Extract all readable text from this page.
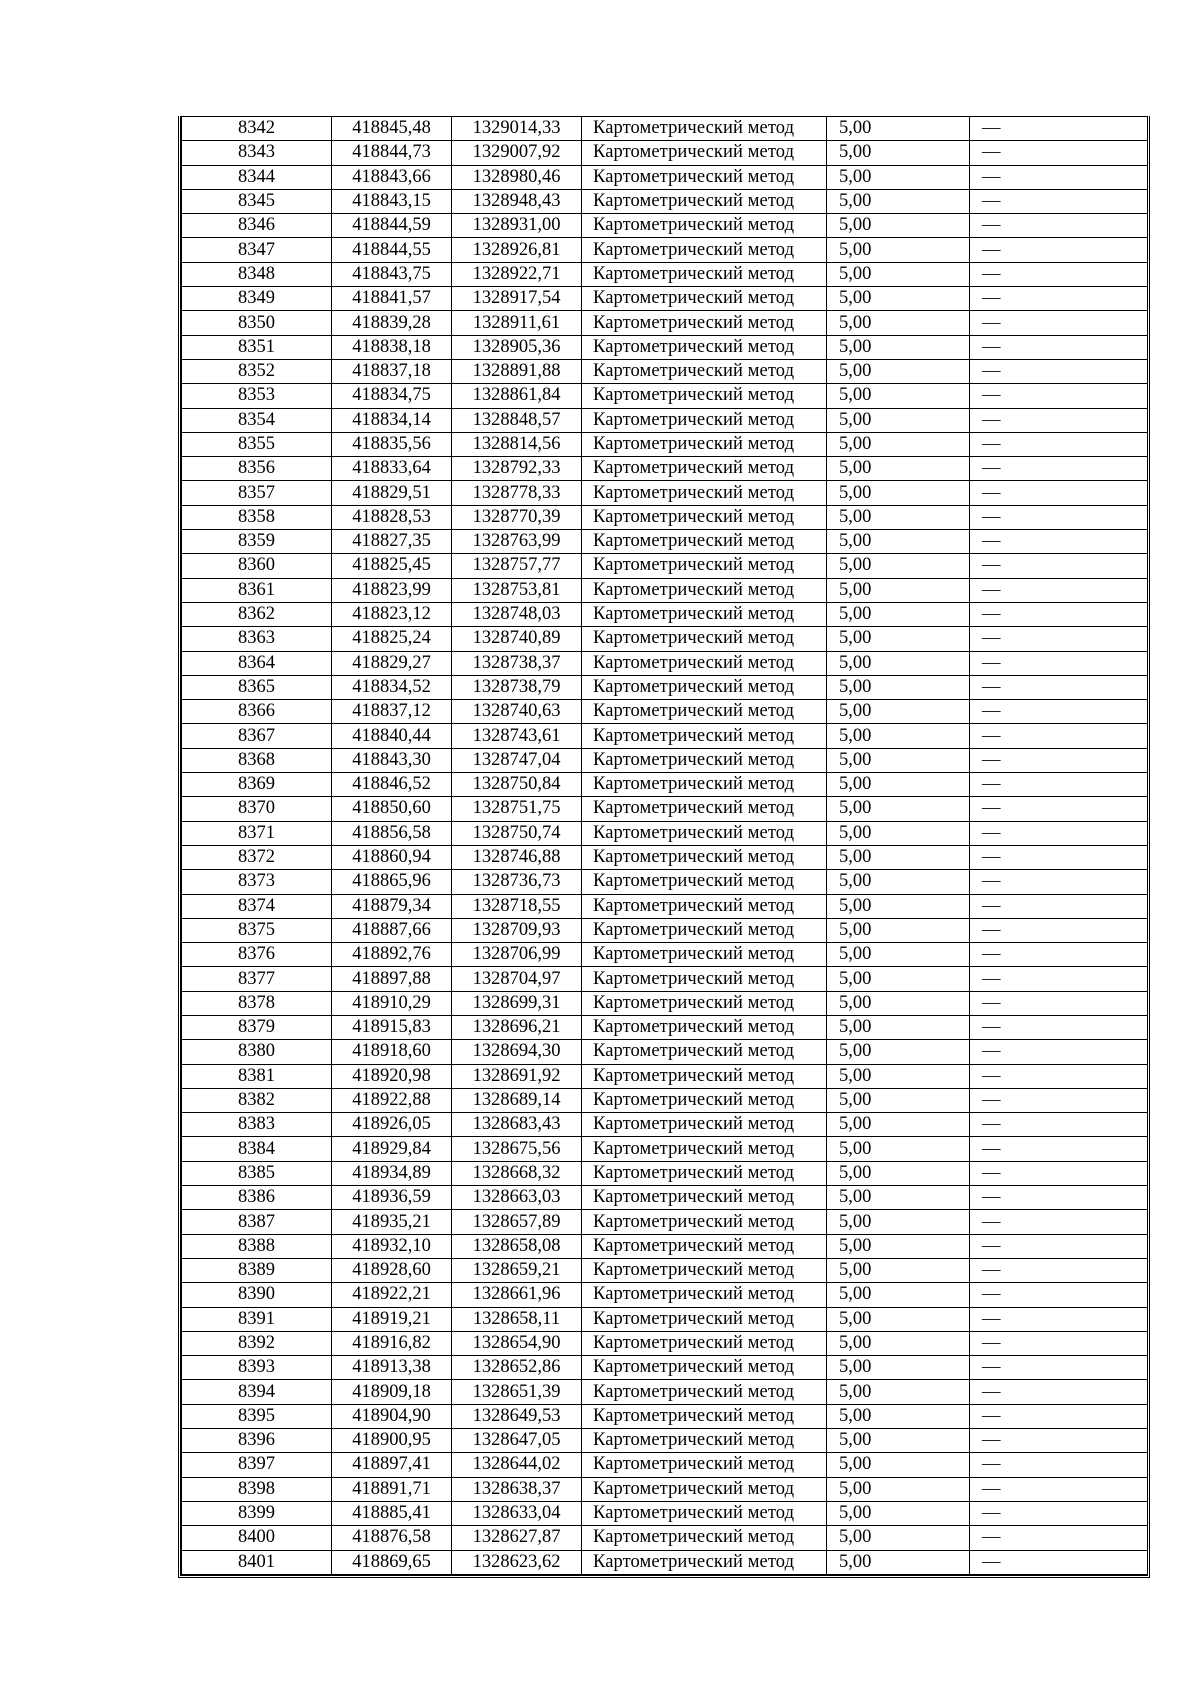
8342	418845,48	1329014,33	Картометрический метод	5,00	—
8343	418844,73	1329007,92	Картометрический метод	5,00	—
8344	418843,66	1328980,46	Картометрический метод	5,00	—
8345	418843,15	1328948,43	Картометрический метод	5,00	—
8346	418844,59	1328931,00	Картометрический метод	5,00	—
8347	418844,55	1328926,81	Картометрический метод	5,00	—
8348	418843,75	1328922,71	Картометрический метод	5,00	—
8349	418841,57	1328917,54	Картометрический метод	5,00	—
8350	418839,28	1328911,61	Картометрический метод	5,00	—
8351	418838,18	1328905,36	Картометрический метод	5,00	—
8352	418837,18	1328891,88	Картометрический метод	5,00	—
8353	418834,75	1328861,84	Картометрический метод	5,00	—
8354	418834,14	1328848,57	Картометрический метод	5,00	—
8355	418835,56	1328814,56	Картометрический метод	5,00	—
8356	418833,64	1328792,33	Картометрический метод	5,00	—
8357	418829,51	1328778,33	Картометрический метод	5,00	—
8358	418828,53	1328770,39	Картометрический метод	5,00	—
8359	418827,35	1328763,99	Картометрический метод	5,00	—
8360	418825,45	1328757,77	Картометрический метод	5,00	—
8361	418823,99	1328753,81	Картометрический метод	5,00	—
8362	418823,12	1328748,03	Картометрический метод	5,00	—
8363	418825,24	1328740,89	Картометрический метод	5,00	—
8364	418829,27	1328738,37	Картометрический метод	5,00	—
8365	418834,52	1328738,79	Картометрический метод	5,00	—
8366	418837,12	1328740,63	Картометрический метод	5,00	—
8367	418840,44	1328743,61	Картометрический метод	5,00	—
8368	418843,30	1328747,04	Картометрический метод	5,00	—
8369	418846,52	1328750,84	Картометрический метод	5,00	—
8370	418850,60	1328751,75	Картометрический метод	5,00	—
8371	418856,58	1328750,74	Картометрический метод	5,00	—
8372	418860,94	1328746,88	Картометрический метод	5,00	—
8373	418865,96	1328736,73	Картометрический метод	5,00	—
8374	418879,34	1328718,55	Картометрический метод	5,00	—
8375	418887,66	1328709,93	Картометрический метод	5,00	—
8376	418892,76	1328706,99	Картометрический метод	5,00	—
8377	418897,88	1328704,97	Картометрический метод	5,00	—
8378	418910,29	1328699,31	Картометрический метод	5,00	—
8379	418915,83	1328696,21	Картометрический метод	5,00	—
8380	418918,60	1328694,30	Картометрический метод	5,00	—
8381	418920,98	1328691,92	Картометрический метод	5,00	—
8382	418922,88	1328689,14	Картометрический метод	5,00	—
8383	418926,05	1328683,43	Картометрический метод	5,00	—
8384	418929,84	1328675,56	Картометрический метод	5,00	—
8385	418934,89	1328668,32	Картометрический метод	5,00	—
8386	418936,59	1328663,03	Картометрический метод	5,00	—
8387	418935,21	1328657,89	Картометрический метод	5,00	—
8388	418932,10	1328658,08	Картометрический метод	5,00	—
8389	418928,60	1328659,21	Картометрический метод	5,00	—
8390	418922,21	1328661,96	Картометрический метод	5,00	—
8391	418919,21	1328658,11	Картометрический метод	5,00	—
8392	418916,82	1328654,90	Картометрический метод	5,00	—
8393	418913,38	1328652,86	Картометрический метод	5,00	—
8394	418909,18	1328651,39	Картометрический метод	5,00	—
8395	418904,90	1328649,53	Картометрический метод	5,00	—
8396	418900,95	1328647,05	Картометрический метод	5,00	—
8397	418897,41	1328644,02	Картометрический метод	5,00	—
8398	418891,71	1328638,37	Картометрический метод	5,00	—
8399	418885,41	1328633,04	Картометрический метод	5,00	—
8400	418876,58	1328627,87	Картометрический метод	5,00	—
8401	418869,65	1328623,62	Картометрический метод	5,00	—
